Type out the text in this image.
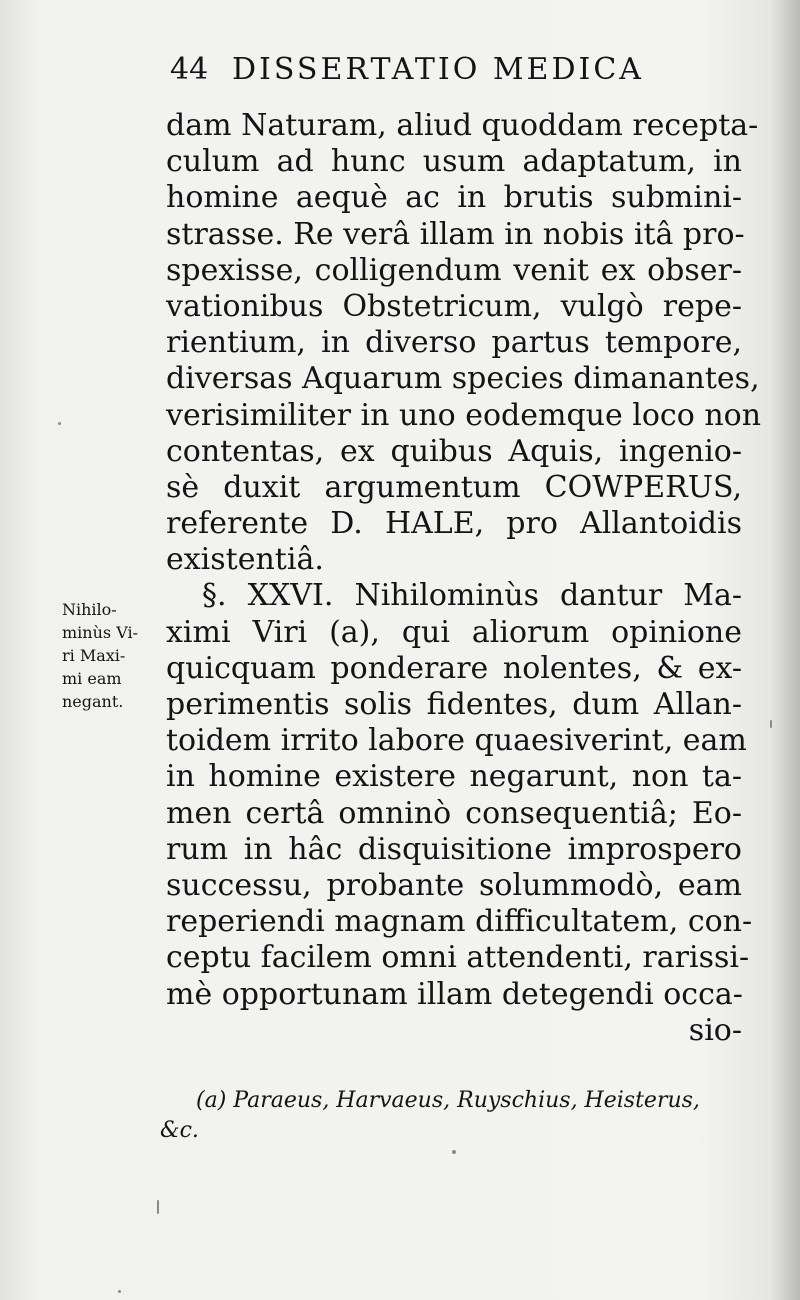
44 DISSERTATIO MEDICA
dam Naturam, aliud quoddam recepta-
culum ad hunc usum adaptatum, in
homine aequè ac in brutis submini-
strasse. Re verâ illam in nobis itâ pro-
spexisse, colligendum venit ex obser-
vationibus Obstetricum, vulgò repe-
rientium, in diverso partus tempore,
diversas Aquarum species dimanantes,
verisimiliter in uno eodemque loco non
contentas, ex quibus Aquis, ingenio-
sè duxit argumentum COWPERUS,
referente D. HALE, pro Allantoidis
existentiâ.
§. XXVI. Nihilominùs dantur Ma-
ximi Viri (a), qui aliorum opinione
quicquam ponderare nolentes, & ex-
perimentis solis fidentes, dum Allan-
toidem irrito labore quaesiverint, eam
in homine existere negarunt, non ta-
men certâ omninò consequentiâ; Eo-
rum in hâc disquisitione improspero
successu, probante solummodò, eam
reperiendi magnam difficultatem, con-
ceptu facilem omni attendenti, rarissi-
mè opportunam illam detegendi occa-
sio-
Nihilo-
minùs Vi-
ri Maxi-
mi eam
negant.
(a) Paraeus, Harvaeus, Ruyschius, Heisterus,
&c.
